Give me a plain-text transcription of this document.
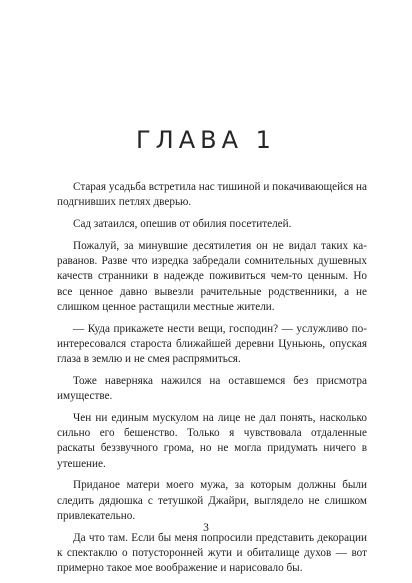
ГЛАВА 1

Старая усадьба встретила нас тишиной и покачивающейся на подгнивших петлях дверью.

Сад затаился, опешив от обилия посетителей.

Пожалуй, за минувшие десятилетия он не видал таких караванов. Разве что изредка забредали сомнительных душевных качеств странники в надежде поживиться чем-то ценным. Но все ценное давно вывезли рачительные родственники, а не слишком ценное растащили местные жители.

— Куда прикажете нести вещи, господин? — услужливо поинтересовался староста ближайшей деревни Цуньюнь, опуская глаза в землю и не смея распрямиться.

Тоже наверняка нажился на оставшемся без присмотра имуществе.

Чен ни единым мускулом на лице не дал понять, насколько сильно его бешенство. Только я чувствовала отдаленные раскаты беззвучного грома, но не могла придумать ничего в утешение.

Приданое матери моего мужа, за которым должны были следить дядюшка с тетушкой Джайри, выглядело не слишком привлекательно.

Да что там. Если бы меня попросили представить декорации к спектаклю о потусторонней жути и обиталище духов — вот примерно такое мое воображение и нарисовало бы.

3
